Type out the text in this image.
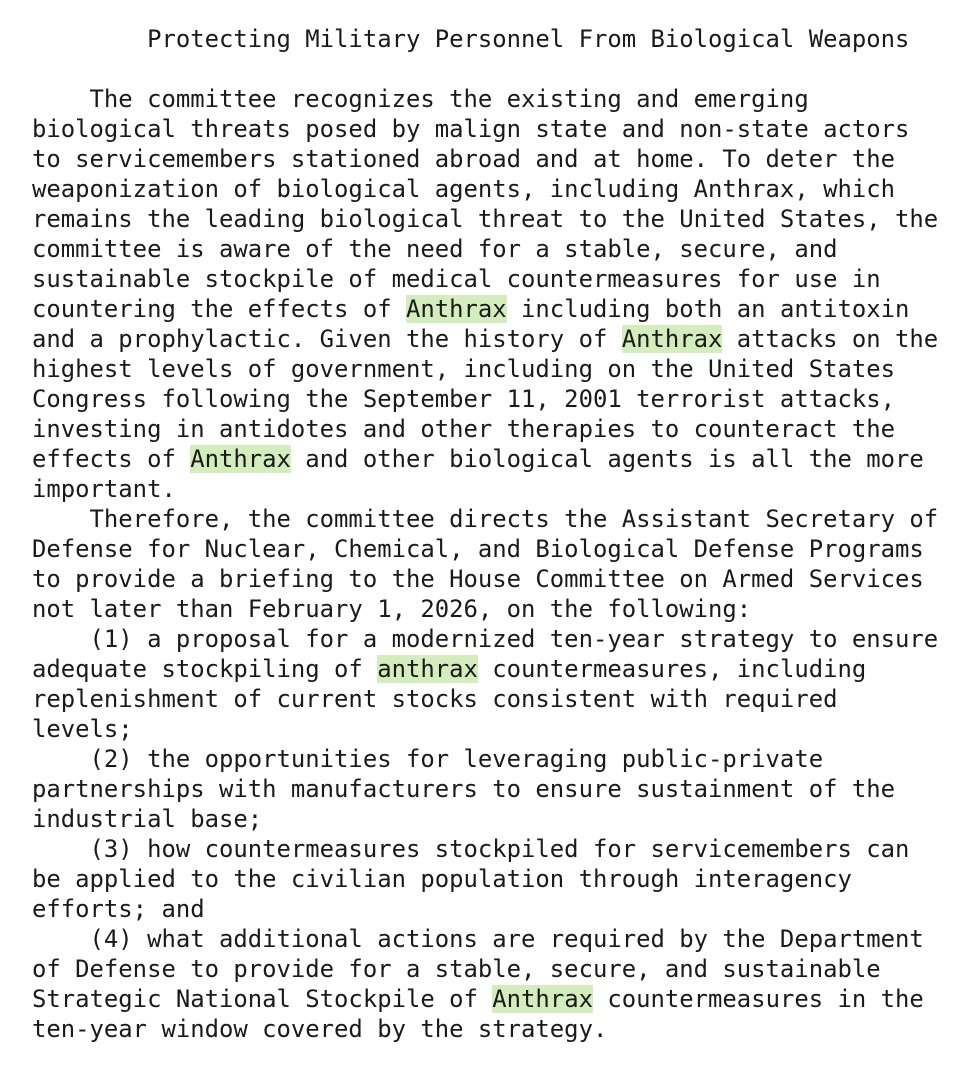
Protecting Military Personnel From Biological Weapons
The committee recognizes the existing and emerging
biological threats posed by malign state and non-state actors
to servicemembers stationed abroad and at home. To deter the
weaponization of biological agents, including Anthrax, which
remains the leading biological threat to the United States, the
committee is aware of the need for a stable, secure, and
sustainable stockpile of medical countermeasures for use in
countering the effects of Anthrax including both an antitoxin
and a prophylactic. Given the history of Anthrax attacks on the
highest levels of government, including on the United States
Congress following the September 11, 2001 terrorist attacks,
investing in antidotes and other therapies to counteract the
effects of Anthrax and other biological agents is all the more
important.
Therefore, the committee directs the Assistant Secretary of
Defense for Nuclear, Chemical, and Biological Defense Programs
to provide a briefing to the House Committee on Armed Services
not later than February 1, 2026, on the following:
(1) a proposal for a modernized ten-year strategy to ensure
adequate stockpiling of anthrax countermeasures, including
replenishment of current stocks consistent with required
levels;
(2) the opportunities for leveraging public-private
partnerships with manufacturers to ensure sustainment of the
industrial base;
(3) how countermeasures stockpiled for servicemembers can
be applied to the civilian population through interagency
efforts; and
(4) what additional actions are required by the Department
of Defense to provide for a stable, secure, and sustainable
Strategic National Stockpile of Anthrax countermeasures in the
ten-year window covered by the strategy.
